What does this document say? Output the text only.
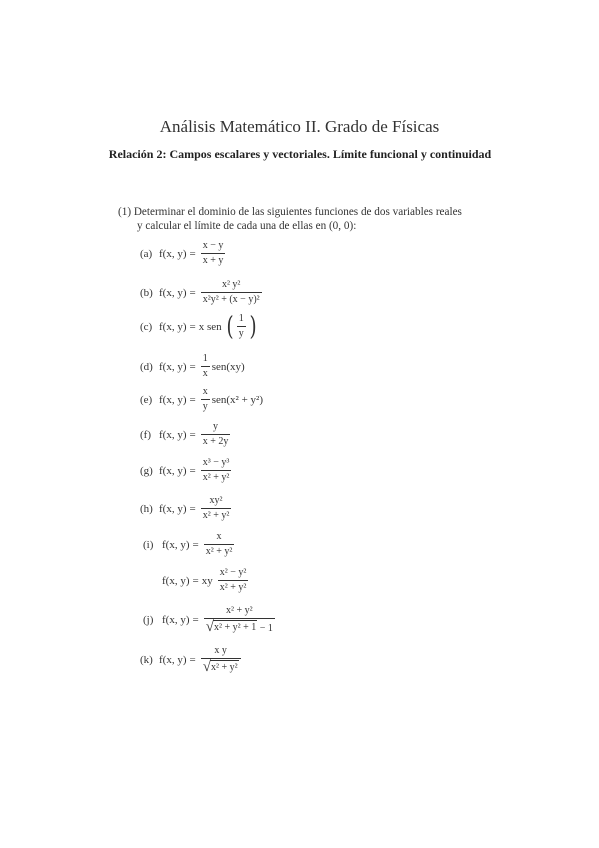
Análisis Matemático II. Grado de Físicas
Relación 2: Campos escalares y vectoriales. Límite funcional y continuidad
(1) Determinar el dominio de las siguientes funciones de dos variables reales
y calcular el límite de cada una de ellas en (0, 0):
(a) f(x, $y) = \frac{x - y}{x + y}$
(b) f(x, $y) = \frac{\text{x² y²}}{\text{x²y² + (x − y)²}}$
(c) f(x, y) = x sen ( $\frac{1}{y}$ )
(d) f(x, $y) = \frac{1}{x} sen(xy)$
(e) f(x, $y) = \frac{x}{y} sen(x^2 + y^2)$
(f) f(x, $y) = \frac{y}{x + 2y}$
(g) f(x, $y) = \frac{\text{x³ − y³}}{\text{x² + y²}}$
(h) f(x, $y) = \frac{\text{xy²}}{\text{x² + y²}}$
(i) f(x, $y) = \frac{x}{\text{x² + y²}}$
f(x, y) = xy $\frac{\text{x² − y²}}{\text{x² + y²}}$
(j) f(x, $y) = \frac{\text{x² + y²}}{\text{√ x² + y² + 1 − 1}}$
(k) f(x, $y) = \frac{\text{x y}}{\text{√ x² + y²}}$
